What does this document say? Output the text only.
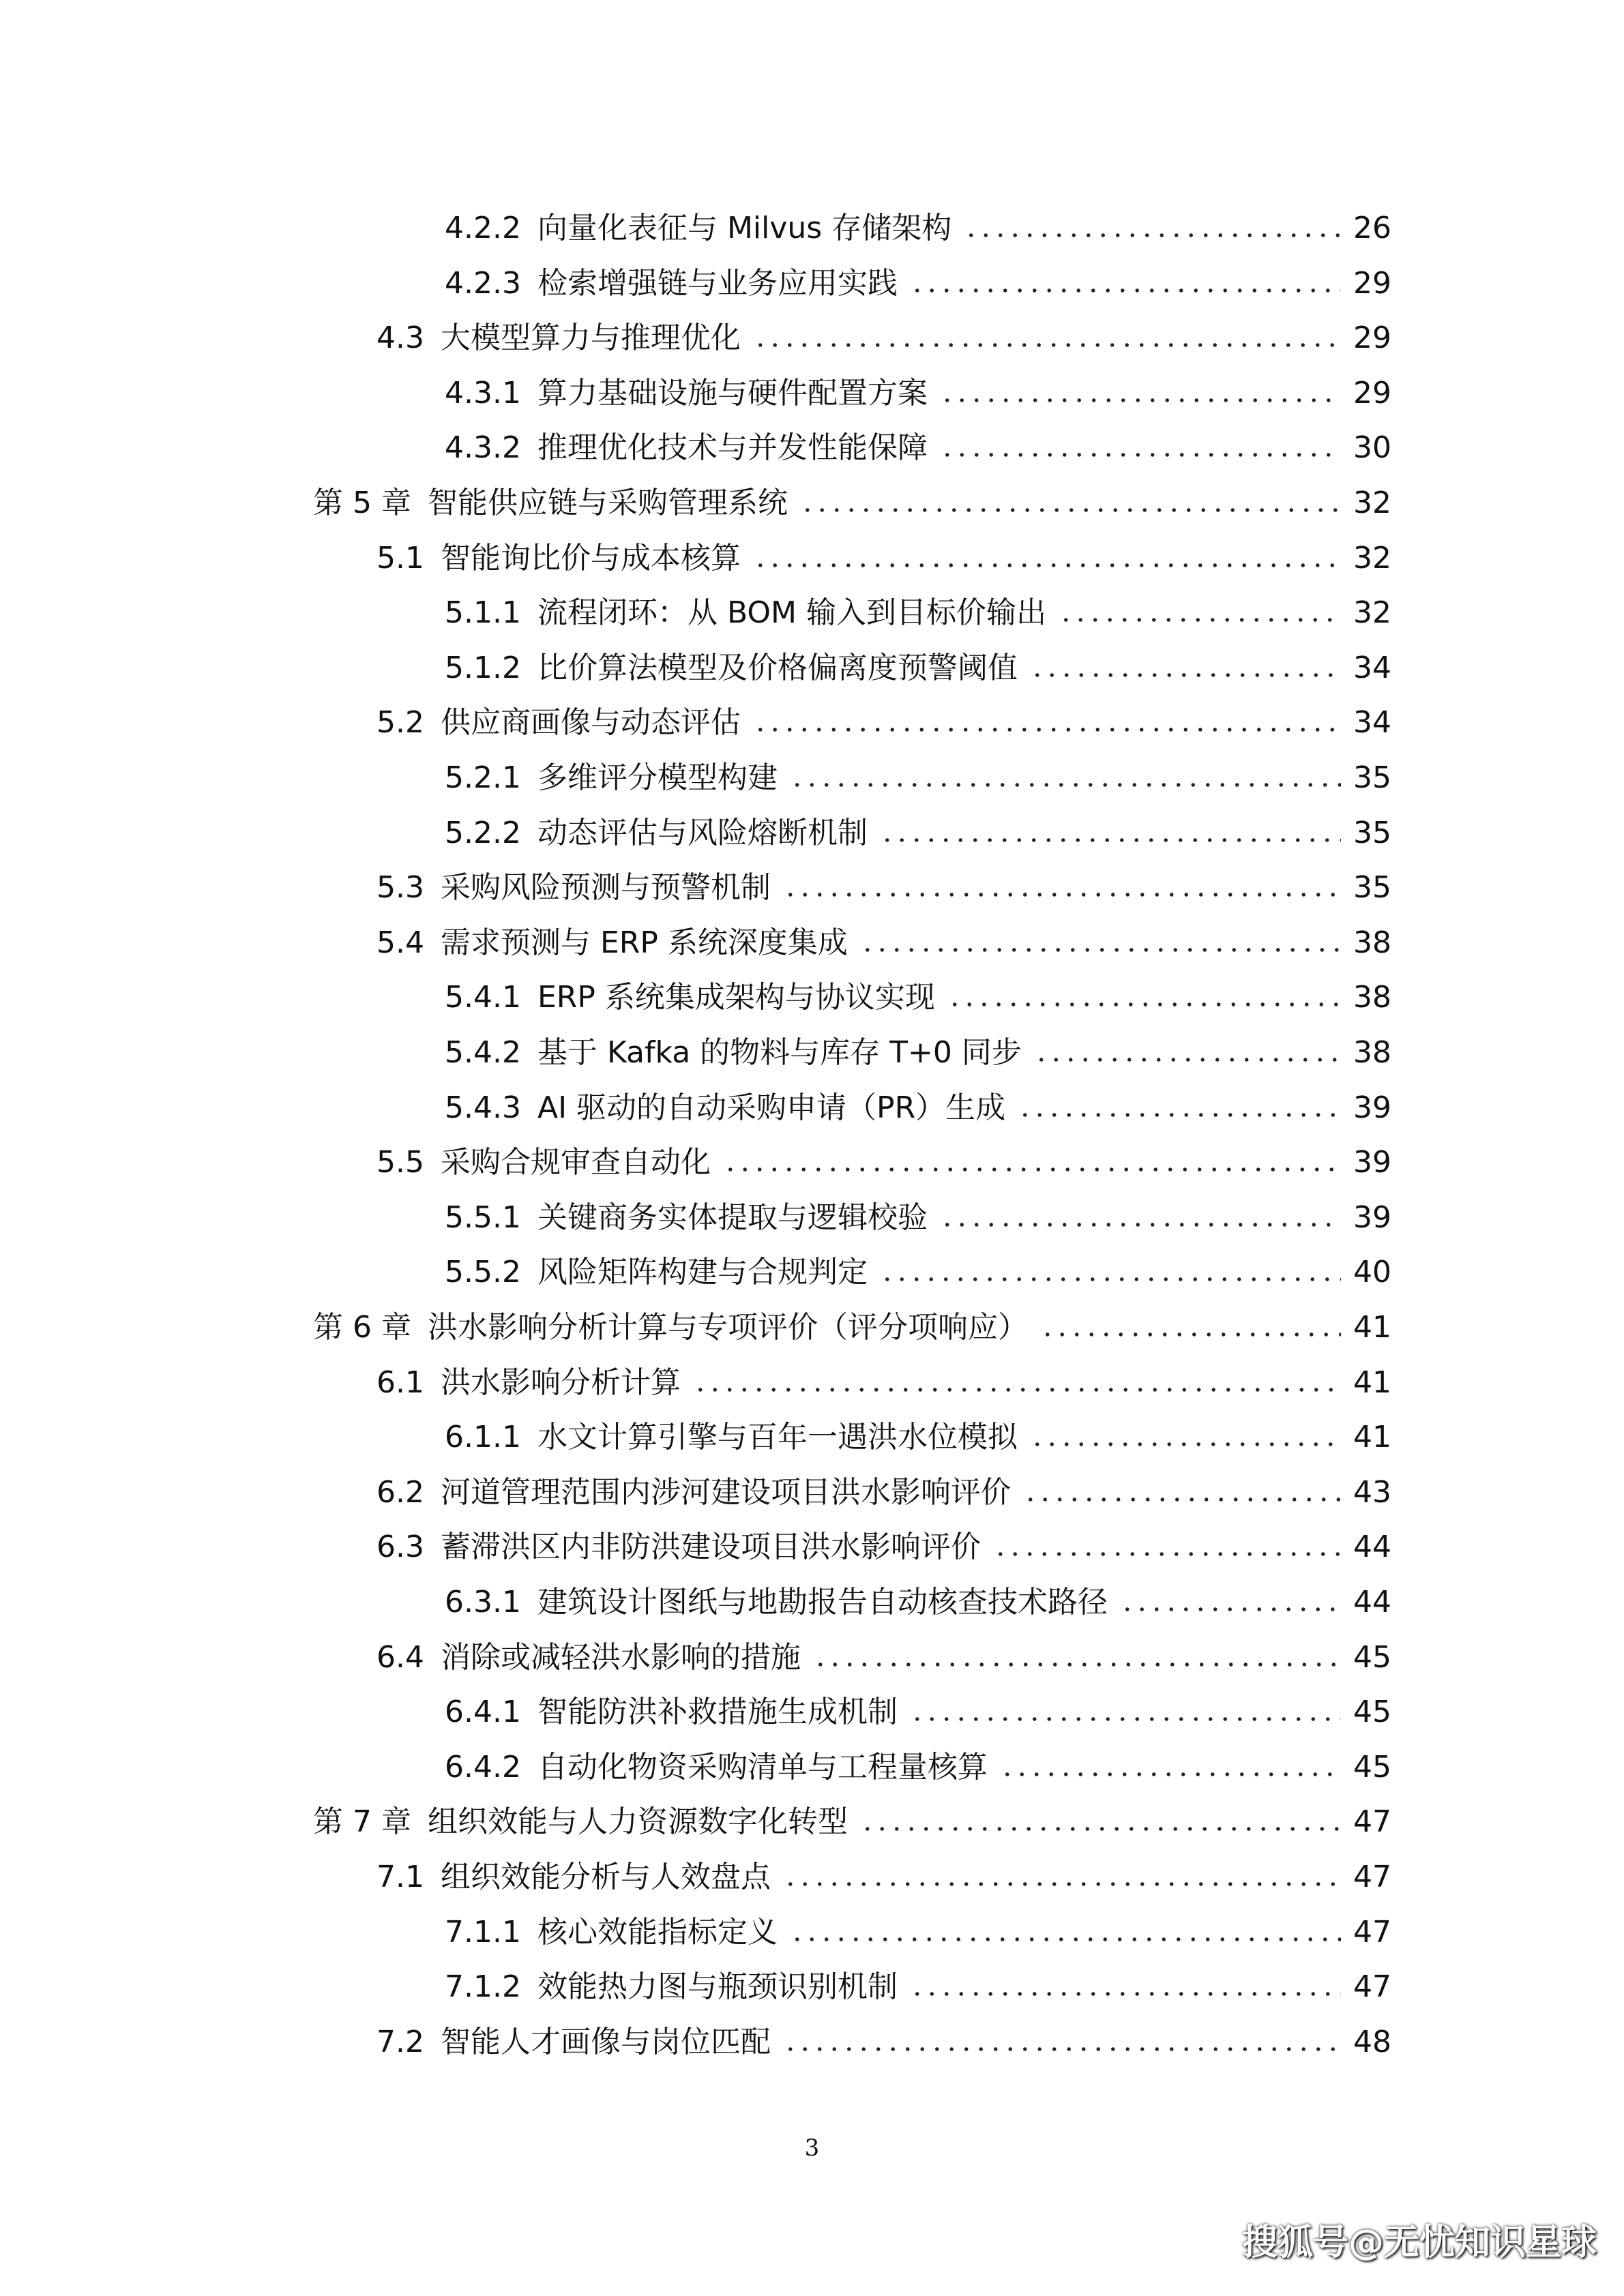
4.2.2 向量化表征与 Milvus 存储架构	26
4.2.3 检索增强链与业务应用实践	29
4.3 大模型算力与推理优化	29
4.3.1 算力基础设施与硬件配置方案	29
4.3.2 推理优化技术与并发性能保障	30
第 5 章 智能供应链与采购管理系统	32
5.1 智能询比价与成本核算	32
5.1.1 流程闭环：从 BOM 输入到目标价输出	32
5.1.2 比价算法模型及价格偏离度预警阈值	34
5.2 供应商画像与动态评估	34
5.2.1 多维评分模型构建	35
5.2.2 动态评估与风险熔断机制	35
5.3 采购风险预测与预警机制	35
5.4 需求预测与 ERP 系统深度集成	38
5.4.1 ERP 系统集成架构与协议实现	38
5.4.2 基于 Kafka 的物料与库存 T+0 同步	38
5.4.3 AI 驱动的自动采购申请（PR）生成	39
5.5 采购合规审查自动化	39
5.5.1 关键商务实体提取与逻辑校验	39
5.5.2 风险矩阵构建与合规判定	40
第 6 章 洪水影响分析计算与专项评价（评分项响应）	41
6.1 洪水影响分析计算	41
6.1.1 水文计算引擎与百年一遇洪水位模拟	41
6.2 河道管理范围内涉河建设项目洪水影响评价	43
6.3 蓄滞洪区内非防洪建设项目洪水影响评价	44
6.3.1 建筑设计图纸与地勘报告自动核查技术路径	44
6.4 消除或减轻洪水影响的措施	45
6.4.1 智能防洪补救措施生成机制	45
6.4.2 自动化物资采购清单与工程量核算	45
第 7 章 组织效能与人力资源数字化转型	47
7.1 组织效能分析与人效盘点	47
7.1.1 核心效能指标定义	47
7.1.2 效能热力图与瓶颈识别机制	47
7.2 智能人才画像与岗位匹配	48
3
搜狐号@无忧知识星球
